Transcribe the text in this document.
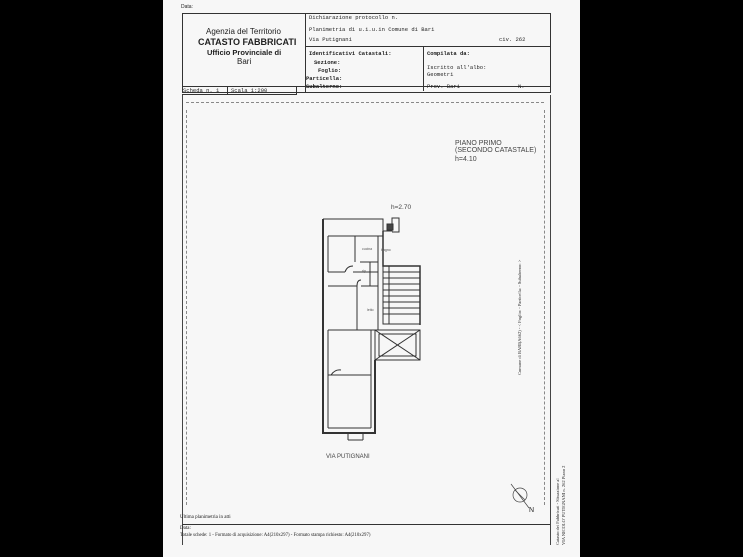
Data:
Agenzia del Territorio
CATASTO FABBRICATI
Ufficio Provinciale di
Bari
Dichiarazione protocollo n.
Planimetria di u.i.u.in Comune di Bari
Via Putignani	civ. 262
Identificativi Catastali:
Sezione:
Foglio:
Particella:
Subalterno:
Compilata da:
Iscritto all'albo:
Geometri
Prov. Bari	N.
Scheda n. 1 Scala 1:200
PIANO PRIMO
(SECONDO CATASTALE)
h=4.10
h=2.70
cucina	bagno
rip.
letto
VIA PUTIGNANI
N
Comune di BARI(A662) - < Foglio: - Particella: - Subalterno: >
Catasto dei Fabbricati - Situazione al VIA NICOLO' PUTIGNANI n. 262 Piano 2
Ultima planimetria in atti
Data:
Totale schede: 1 - Formato di acquisizione: A4(210x297) - Formato stampa richiesto: A4(210x297)
